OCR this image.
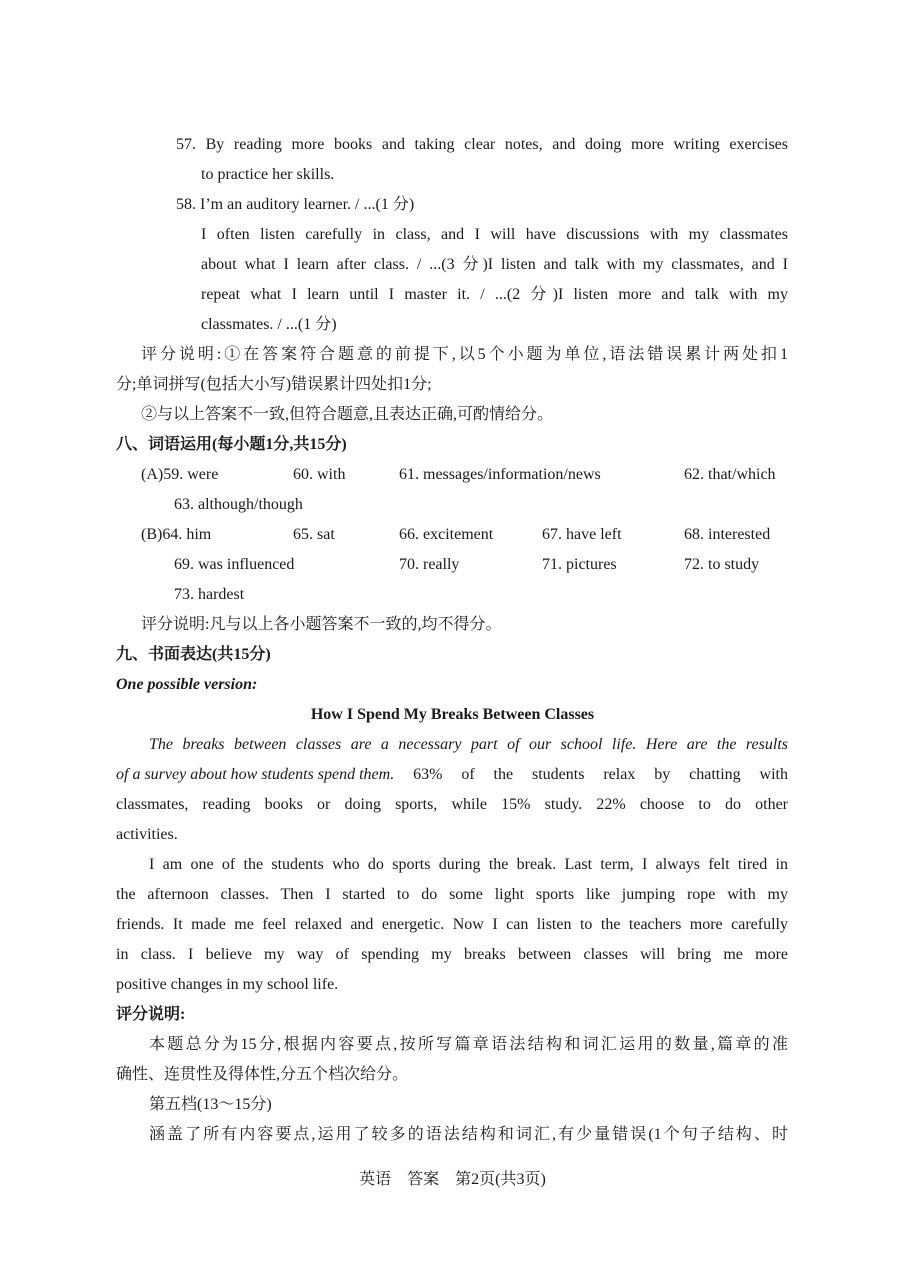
57. By reading more books and taking clear notes, and doing more writing exercises
to practice her skills.
58. I’m an auditory learner. / ...(1 分)
I often listen carefully in class, and I will have discussions with my classmates
about what I learn after class. / ...(3 分)I listen and talk with my classmates, and I
repeat what I learn until I master it. / ...(2 分)I listen more and talk with my
classmates. / ...(1 分)
评分说明:①在答案符合题意的前提下,以5个小题为单位,语法错误累计两处扣1
分;单词拼写(包括大小写)错误累计四处扣1分;
②与以上答案不一致,但符合题意,且表达正确,可酌情给分。
八、词语运用(每小题1分,共15分)
(A)59. were	60. with	61. messages/information/news	62. that/which
63. although/though
(B)64. him	65. sat	66. excitement	67. have left	68. interested
69. was influenced	70. really	71. pictures	72. to study
73. hardest
评分说明:凡与以上各小题答案不一致的,均不得分。
九、书面表达(共15分)
One possible version:
How I Spend My Breaks Between Classes
The breaks between classes are a necessary part of our school life. Here are the results
of a survey about how students spend them. 63% of the students relax by chatting with
classmates, reading books or doing sports, while 15% study. 22% choose to do other
activities.
I am one of the students who do sports during the break. Last term, I always felt tired in
the afternoon classes. Then I started to do some light sports like jumping rope with my
friends. It made me feel relaxed and energetic. Now I can listen to the teachers more carefully
in class. I believe my way of spending my breaks between classes will bring me more
positive changes in my school life.
评分说明:
本题总分为15分,根据内容要点,按所写篇章语法结构和词汇运用的数量,篇章的准
确性、连贯性及得体性,分五个档次给分。
第五档(13～15分)
涵盖了所有内容要点,运用了较多的语法结构和词汇,有少量错误(1个句子结构、时
英语 答案 第2页(共3页)
